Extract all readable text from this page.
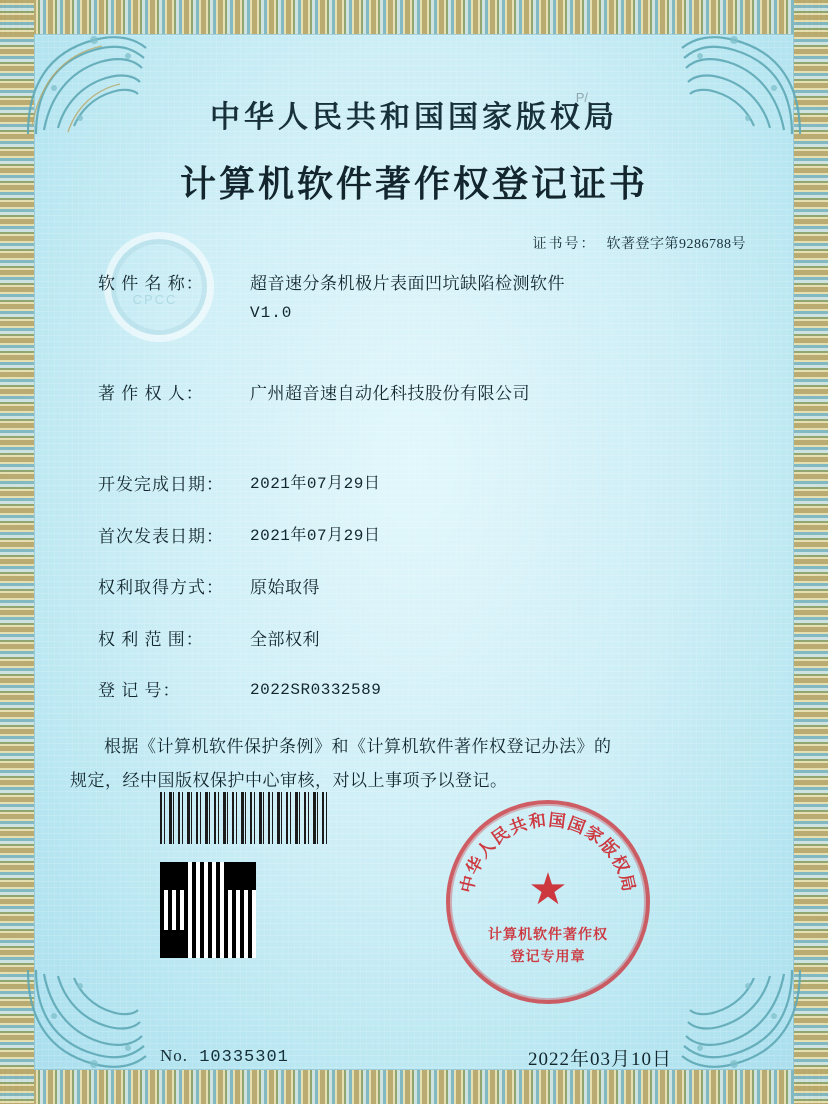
CPCC
P/
中华人民共和国国家版权局
计算机软件著作权登记证书
证书号： 软著登字第9286788号
软 件 名 称：	超音速分条机极片表面凹坑缺陷检测软件
V1.0
著 作 权 人：	广州超音速自动化科技股份有限公司
开发完成日期：	2021年07月29日
首次发表日期：	2021年07月29日
权利取得方式：	原始取得
权 利 范 围：	全部权利
登 记 号：	2022SR0332589

根据《计算机软件保护条例》和《计算机软件著作权登记办法》的

规定，经中国版权保护中心审核，对以上事项予以登记。

No. 10335301
中华人民共和国国家版权局
★
计算机软件著作权
登记专用章
2022年03月10日
